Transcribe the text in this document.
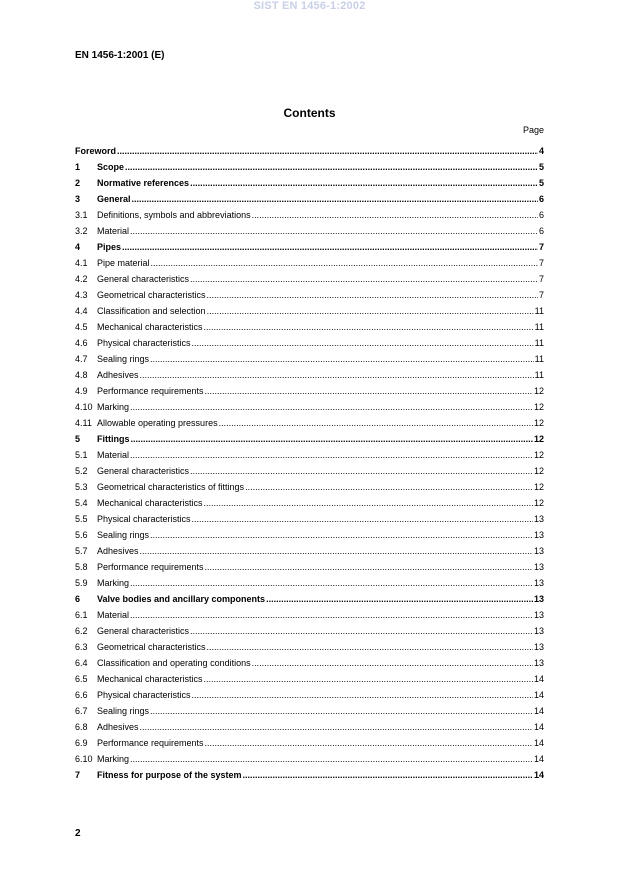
SIST EN 1456-1:2002
EN 1456-1:2001 (E)
Contents
Page
Foreword .....	4
1	Scope .....	5
2	Normative references .....	5
3	General .....	6
3.1	Definitions, symbols and abbreviations .....	6
3.2	Material .....	6
4	Pipes .....	7
4.1	Pipe material .....	7
4.2	General characteristics .....	7
4.3	Geometrical characteristics .....	7
4.4	Classification and selection .....	11
4.5	Mechanical characteristics .....	11
4.6	Physical characteristics .....	11
4.7	Sealing rings .....	11
4.8	Adhesives .....	11
4.9	Performance requirements .....	12
4.10 Marking .....	12
4.11 Allowable operating pressures .....	12
5	Fittings .....	12
5.1	Material .....	12
5.2	General characteristics .....	12
5.3	Geometrical characteristics of fittings .....	12
5.4	Mechanical characteristics .....	12
5.5	Physical characteristics .....	13
5.6	Sealing rings .....	13
5.7	Adhesives .....	13
5.8	Performance requirements .....	13
5.9	Marking .....	13
6	Valve bodies and ancillary components .....	13
6.1	Material .....	13
6.2	General characteristics .....	13
6.3	Geometrical characteristics .....	13
6.4	Classification and operating conditions .....	13
6.5	Mechanical characteristics .....	14
6.6	Physical characteristics .....	14
6.7	Sealing rings .....	14
6.8	Adhesives .....	14
6.9	Performance requirements .....	14
6.10 Marking .....	14
7	Fitness for purpose of the system .....	14
2
